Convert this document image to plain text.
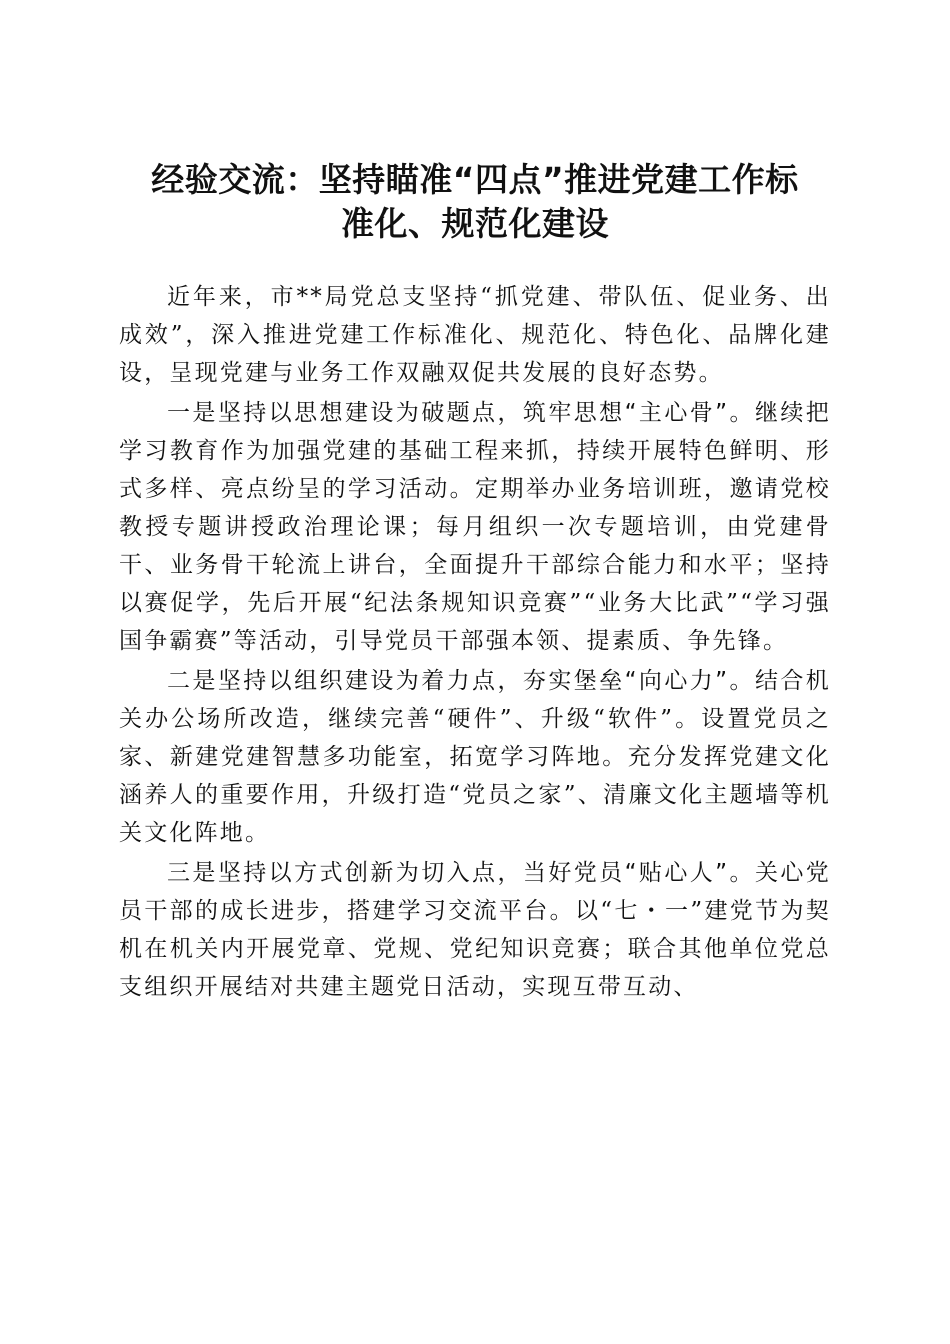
经验交流：坚持瞄准“四点”推进党建工作标
准化、规范化建设

近年来，市**局党总支坚持“抓党建、带队伍、促业务、出成效”，深入推进党建工作标准化、规范化、特色化、品牌化建设，呈现党建与业务工作双融双促共发展的良好态势。

一是坚持以思想建设为破题点，筑牢思想“主心骨”。继续把学习教育作为加强党建的基础工程来抓，持续开展特色鲜明、形式多样、亮点纷呈的学习活动。定期举办业务培训班，邀请党校教授专题讲授政治理论课；每月组织一次专题培训，由党建骨干、业务骨干轮流上讲台，全面提升干部综合能力和水平；坚持以赛促学，先后开展“纪法条规知识竞赛”“业务大比武”“学习强国争霸赛”等活动，引导党员干部强本领、提素质、争先锋。

二是坚持以组织建设为着力点，夯实堡垒“向心力”。结合机关办公场所改造，继续完善“硬件”、升级“软件”。设置党员之家、新建党建智慧多功能室，拓宽学习阵地。充分发挥党建文化涵养人的重要作用，升级打造“党员之家”、清廉文化主题墙等机关文化阵地。

三是坚持以方式创新为切入点，当好党员“贴心人”。关心党员干部的成长进步，搭建学习交流平台。以“七・一”建党节为契机在机关内开展党章、党规、党纪知识竞赛；联合其他单位党总支组织开展结对共建主题党日活动，实现互带互动、
